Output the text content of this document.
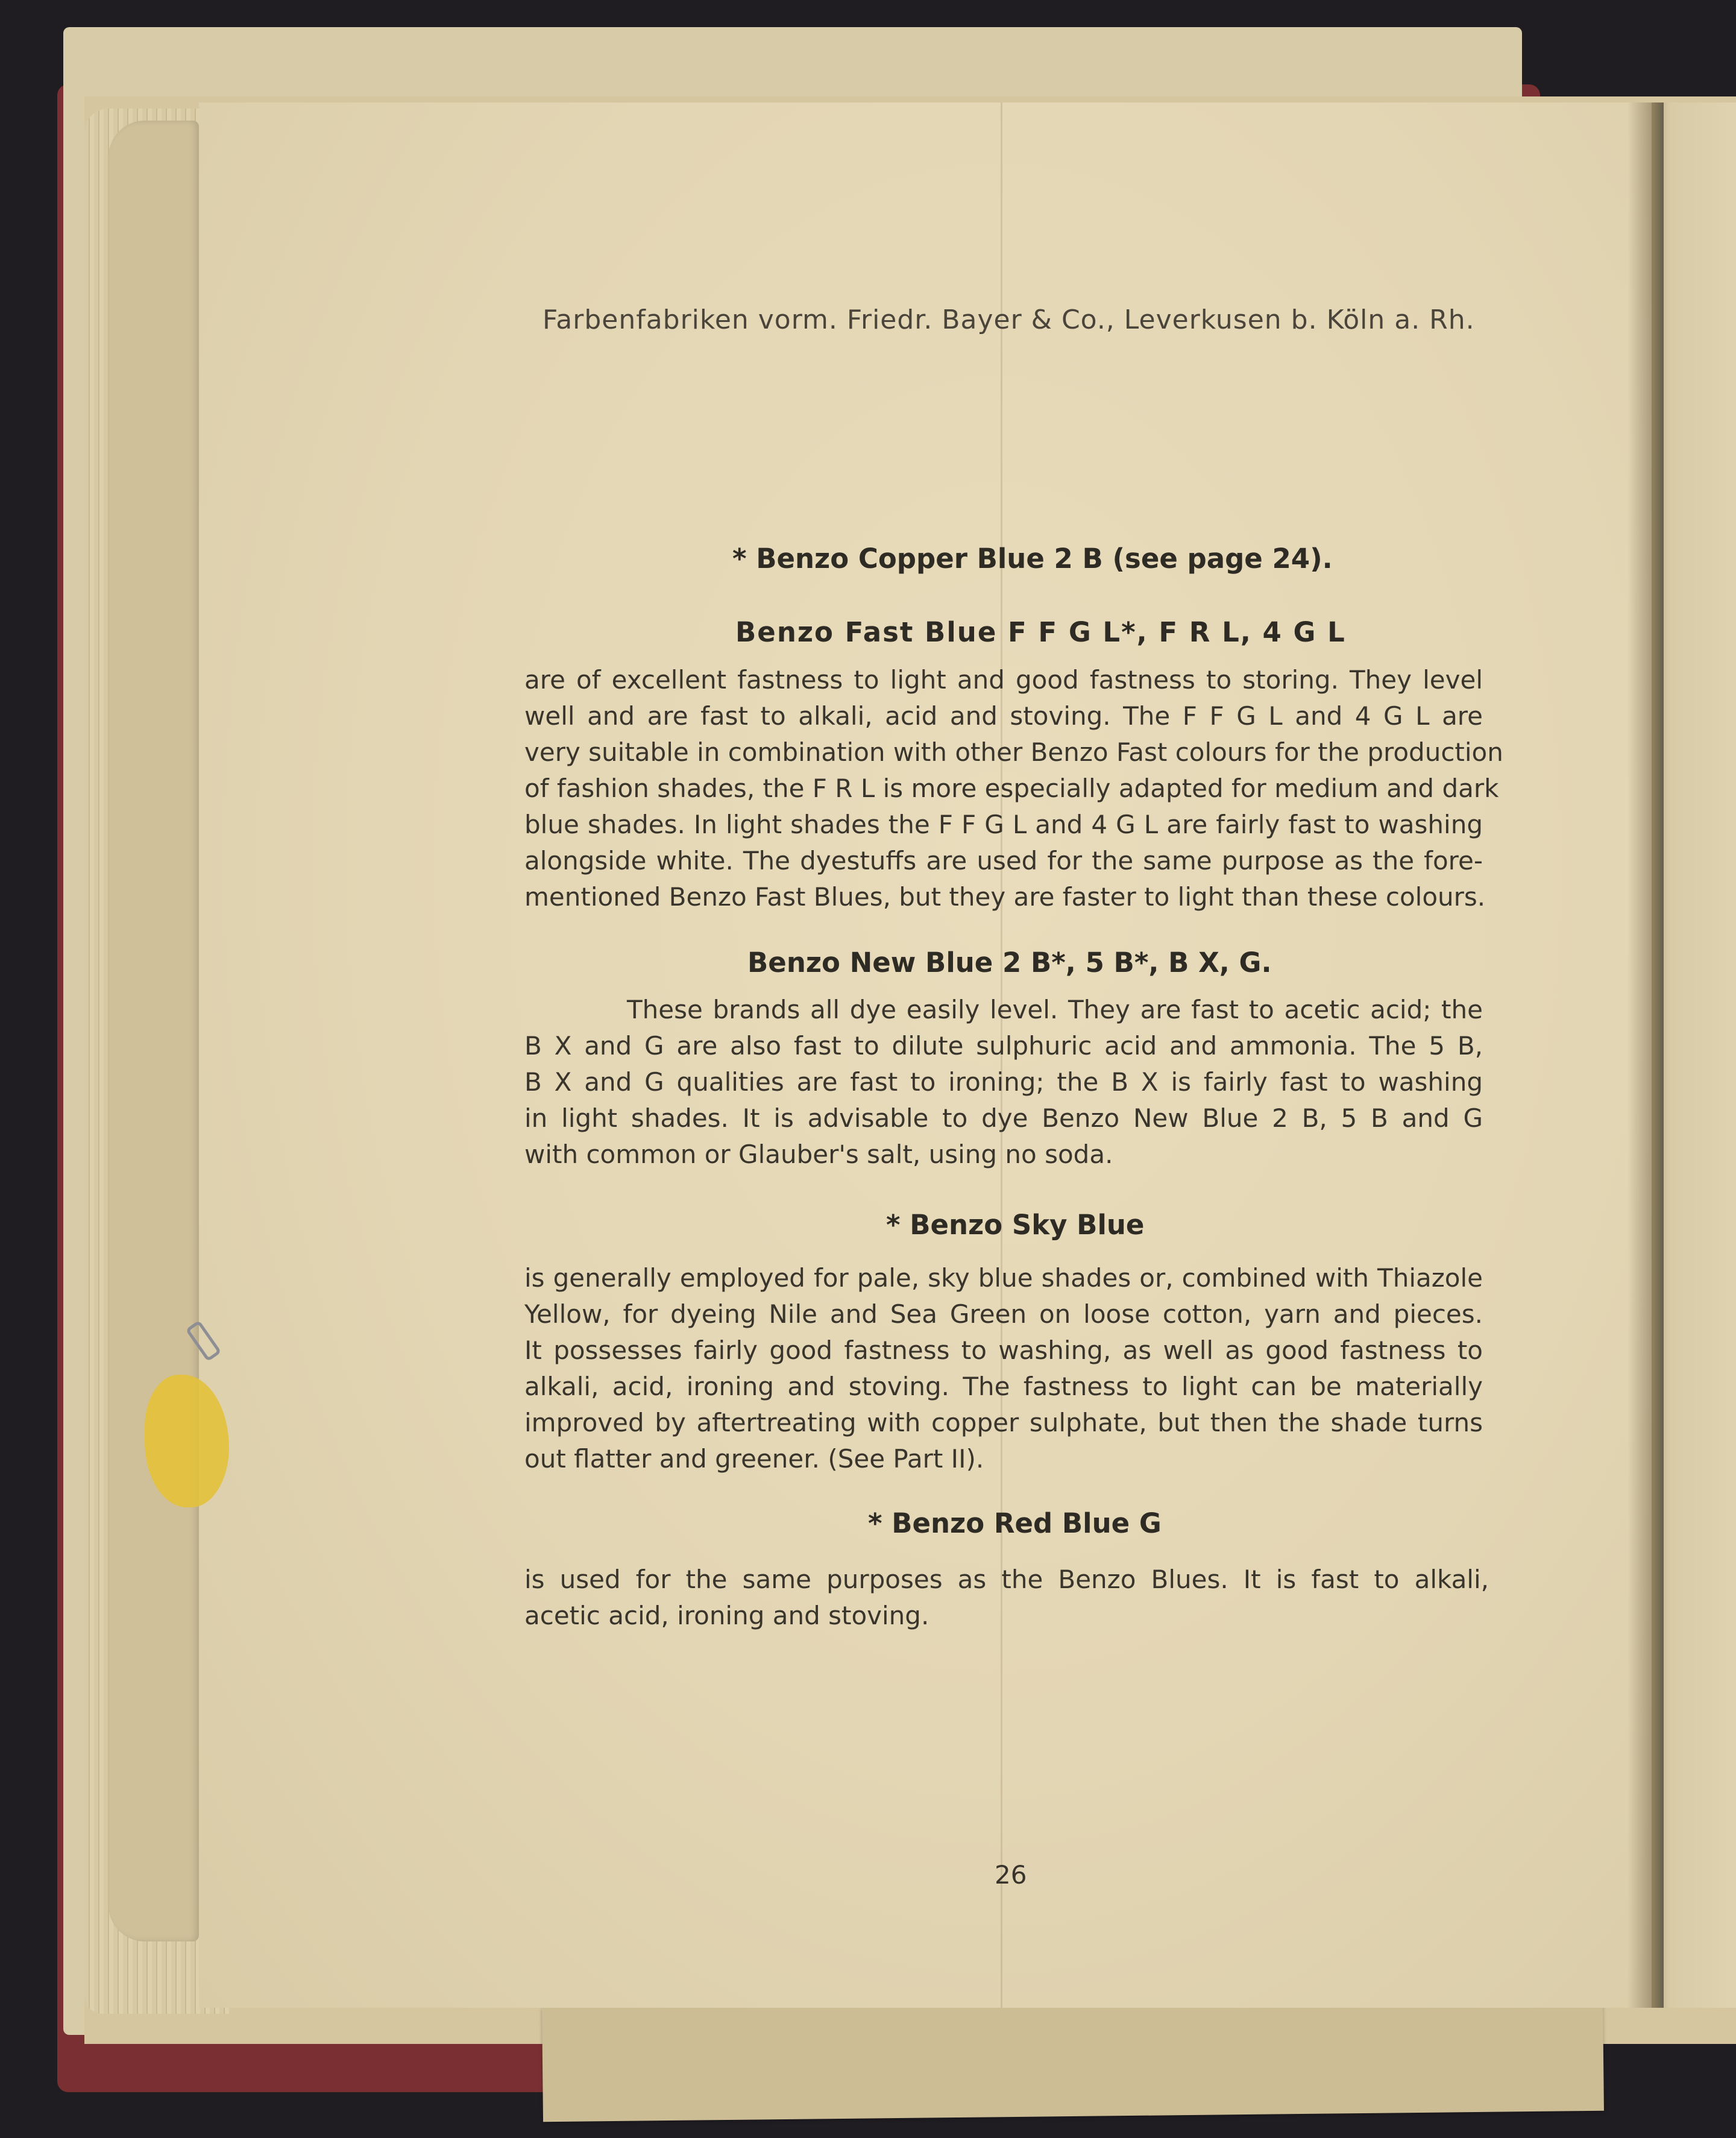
Farbenfabriken vorm. Friedr. Bayer & Co., Leverkusen b. Köln a. Rh.
* Benzo Copper Blue 2 B (see page 24).
Benzo Fast Blue F F G L*, F R L, 4 G L
are of excellent fastness to light and good fastness to storing. They level
well and are fast to alkali, acid and stoving. The F F G L and 4 G L are
very suitable in combination with other Benzo Fast colours for the production
of fashion shades, the F R L is more especially adapted for medium and dark
blue shades. In light shades the F F G L and 4 G L are fairly fast to washing
alongside white. The dyestuffs are used for the same purpose as the fore-
mentioned Benzo Fast Blues, but they are faster to light than these colours.
Benzo New Blue 2 B*, 5 B*, B X, G.
These brands all dye easily level. They are fast to acetic acid; the
B X and G are also fast to dilute sulphuric acid and ammonia. The 5 B,
B X and G qualities are fast to ironing; the B X is fairly fast to washing
in light shades. It is advisable to dye Benzo New Blue 2 B, 5 B and G
with common or Glauber's salt, using no soda.
* Benzo Sky Blue
is generally employed for pale, sky blue shades or, combined with Thiazole
Yellow, for dyeing Nile and Sea Green on loose cotton, yarn and pieces.
It possesses fairly good fastness to washing, as well as good fastness to
alkali, acid, ironing and stoving. The fastness to light can be materially
improved by aftertreating with copper sulphate, but then the shade turns
out flatter and greener. (See Part II).
* Benzo Red Blue G
is used for the same purposes as the Benzo Blues. It is fast to alkali,
acetic acid, ironing and stoving.
26
